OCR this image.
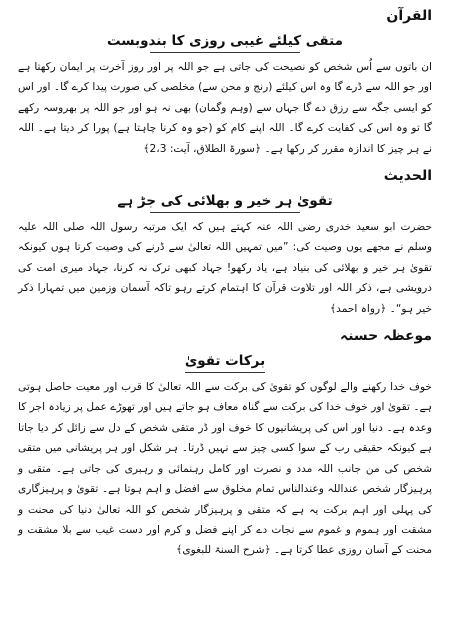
القرآن

متقی کیلئے غیبی روزی کا بندوبست

ان باتوں سے اُس شخص کو نصیحت کی جاتی ہے جو اللہ پر اور روز آخرت پر ایمان رکھتا ہے اور جو اللہ سے ڈرے گا وہ اس کیلئے (رنج و محن سے) مخلصی کی صورت پیدا کرے گا۔ اور اس کو ایسی جگہ سے رزق دے گا جہاں سے (وہم وگمان) بھی نہ ہو اور جو اللہ پر بھروسہ رکھے گا تو وہ اس کی کفایت کرے گا۔ اللہ اپنے کام کو (جو وہ کرنا چاہتا ہے) پورا کر دیتا ہے۔ اللہ نے ہر چیز کا اندازہ مقرر کر رکھا ہے۔ ﴿سورۃ الطلاق، آیت: 2،3﴾

الحدیث

تقویٰ ہر خیر و بھلائی کی جڑ ہے

حضرت ابو سعید خدری رضی اللہ عنہ کہتے ہیں کہ ایک مرتبہ رسول اللہ صلی اللہ علیہ وسلم نے مجھے یوں وصیت کی: ”میں تمہیں اللہ تعالیٰ سے ڈرنے کی وصیت کرتا ہوں کیونکہ تقویٰ ہر خیر و بھلائی کی بنیاد ہے، یاد رکھو! جہاد کبھی ترک نہ کرنا، جہاد میری امت کی درویشی ہے، ذکر اللہ اور تلاوت قرآن کا اہتمام کرتے رہو تاکہ آسمان وزمین میں تمہارا ذکر خیر ہو“۔ ﴿رواہ احمد﴾

موعظہ حسنہ

برکات تقویٰ

خوف خدا رکھنے والے لوگوں کو تقویٰ کی برکت سے اللہ تعالیٰ کا قرب اور معیت حاصل ہوتی ہے۔ تقویٰ اور خوف خدا کی برکت سے گناہ معاف ہو جاتے ہیں اور تھوڑے عمل پر زیادہ اجر کا وعدہ ہے۔ دنیا اور اس کی پریشانیوں کا خوف اور ڈر متقی شخص کے دل سے زائل کر دیا جاتا ہے کیونکہ حقیقی رب کے سوا کسی چیز سے نہیں ڈرتا۔ ہر شکل اور ہر پریشانی میں متقی شخص کی من جانب اللہ مدد و نصرت اور کامل رہنمائی و رہبری کی جاتی ہے۔ متقی و پرہیزگار شخص عنداللہ وعندالناس تمام مخلوق سے افضل و اہم ہوتا ہے۔ تقویٰ و پرہیزگاری کی پہلی اور اہم برکت یہ ہے کہ متقی و پرہیزگار شخص کو اللہ تعالیٰ دنیا کی محنت و مشقت اور ہموم و غموم سے نجات دے کر اپنے فضل و کرم اور دست غیب سے بلا مشقت و محنت کے آسان روزی عطا کرتا ہے۔ ﴿شرح السنۃ للبغوی﴾
